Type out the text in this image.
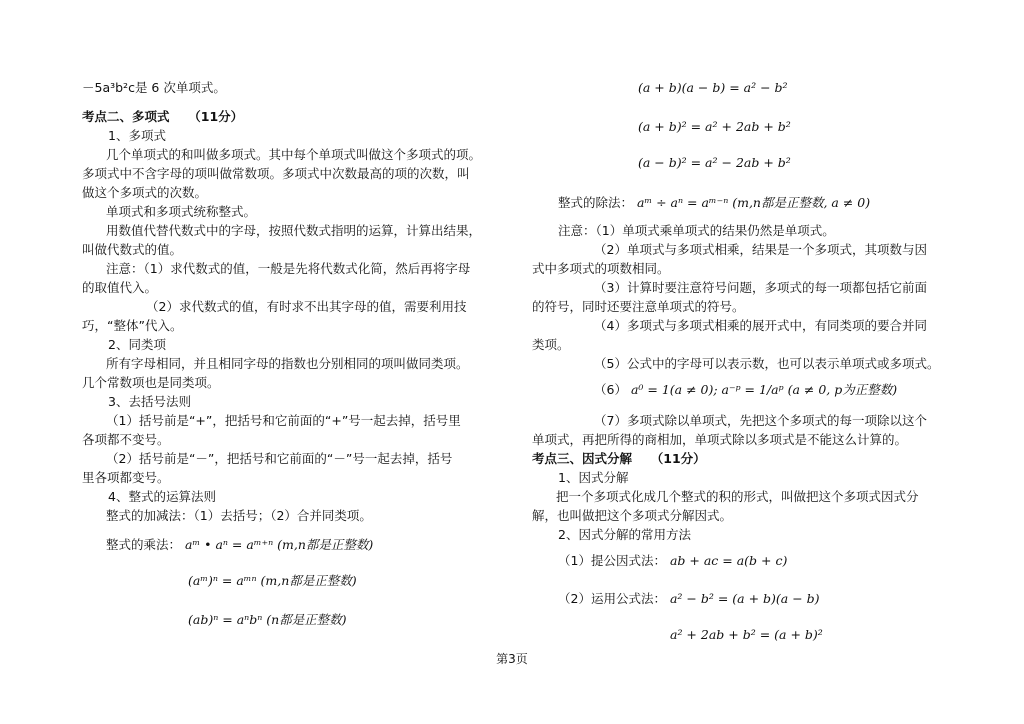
－5a³b²c是 6 次单项式。
考点二、多项式　　（11分）
1、多项式
几个单项式的和叫做多项式。其中每个单项式叫做这个多项式的项。
多项式中不含字母的项叫做常数项。多项式中次数最高的项的次数，叫
做这个多项式的次数。
单项式和多项式统称整式。
用数值代替代数式中的字母，按照代数式指明的运算，计算出结果，
叫做代数式的值。
注意：（1）求代数式的值，一般是先将代数式化简，然后再将字母
的取值代入。
（2）求代数式的值，有时求不出其字母的值，需要利用技
巧，“整体”代入。
2、同类项
所有字母相同，并且相同字母的指数也分别相同的项叫做同类项。
几个常数项也是同类项。
3、去括号法则
（1）括号前是“+”，把括号和它前面的“+”号一起去掉，括号里
各项都不变号。
（2）括号前是“－”，把括号和它前面的“－”号一起去掉，括号
里各项都变号。
4、整式的运算法则
整式的加减法：（1）去括号；（2）合并同类项。
整式的乘法： aᵐ • aⁿ = aᵐ⁺ⁿ (m,n都是正整数)
(aᵐ)ⁿ = aᵐⁿ (m,n都是正整数)
(ab)ⁿ = aⁿbⁿ (n都是正整数)
(a + b)(a − b) = a² − b²
(a + b)² = a² + 2ab + b²
(a − b)² = a² − 2ab + b²
整式的除法： aᵐ ÷ aⁿ = aᵐ⁻ⁿ (m,n都是正整数, a ≠ 0)
注意：（1）单项式乘单项式的结果仍然是单项式。
（2）单项式与多项式相乘，结果是一个多项式，其项数与因
式中多项式的项数相同。
（3）计算时要注意符号问题，多项式的每一项都包括它前面
的符号，同时还要注意单项式的符号。
（4）多项式与多项式相乘的展开式中，有同类项的要合并同
类项。
（5）公式中的字母可以表示数，也可以表示单项式或多项式。
（6） a⁰ = 1(a ≠ 0); a⁻ᵖ = 1/aᵖ (a ≠ 0, p为正整数)
（7）多项式除以单项式，先把这个多项式的每一项除以这个
单项式，再把所得的商相加，单项式除以多项式是不能这么计算的。
考点三、因式分解　　（11分）
1、因式分解
把一个多项式化成几个整式的积的形式，叫做把这个多项式因式分
解，也叫做把这个多项式分解因式。
2、因式分解的常用方法
（1）提公因式法： ab + ac = a(b + c)
（2）运用公式法： a² − b² = (a + b)(a − b)
a² + 2ab + b² = (a + b)²
第3页
